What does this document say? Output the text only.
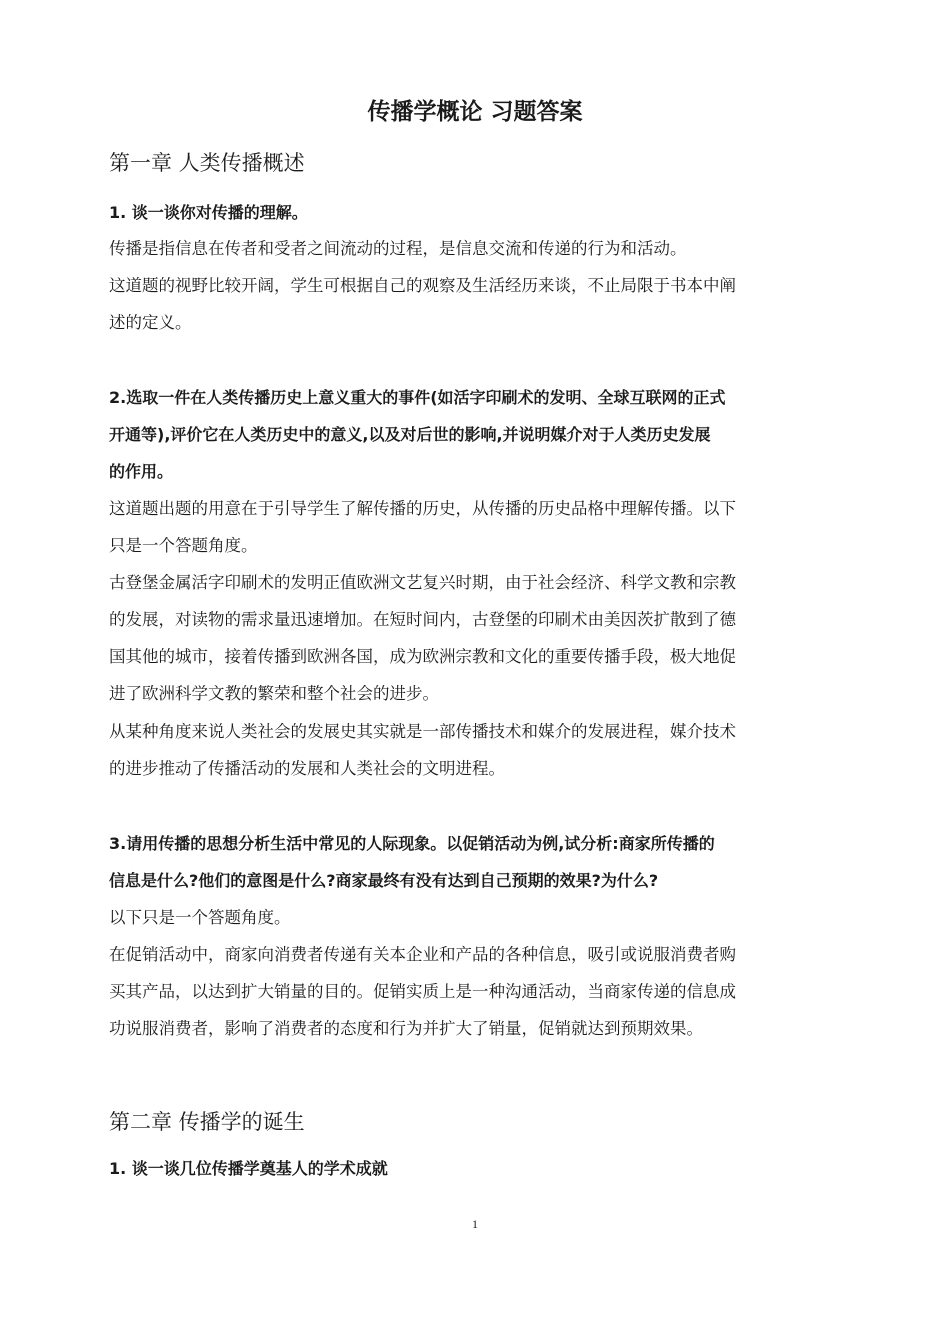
传播学概论 习题答案
第一章 人类传播概述
1. 谈一谈你对传播的理解。
传播是指信息在传者和受者之间流动的过程，是信息交流和传递的行为和活动。
这道题的视野比较开阔，学生可根据自己的观察及生活经历来谈，不止局限于书本中阐
述的定义。
2.选取一件在人类传播历史上意义重大的事件(如活字印刷术的发明、全球互联网的正式
开通等),评价它在人类历史中的意义,以及对后世的影响,并说明媒介对于人类历史发展
的作用。
这道题出题的用意在于引导学生了解传播的历史，从传播的历史品格中理解传播。以下
只是一个答题角度。
古登堡金属活字印刷术的发明正值欧洲文艺复兴时期，由于社会经济、科学文教和宗教
的发展，对读物的需求量迅速增加。在短时间内，古登堡的印刷术由美因茨扩散到了德
国其他的城市，接着传播到欧洲各国，成为欧洲宗教和文化的重要传播手段，极大地促
进了欧洲科学文教的繁荣和整个社会的进步。
从某种角度来说人类社会的发展史其实就是一部传播技术和媒介的发展进程，媒介技术
的进步推动了传播活动的发展和人类社会的文明进程。
3.请用传播的思想分析生活中常见的人际现象。以促销活动为例,试分析:商家所传播的
信息是什么?他们的意图是什么?商家最终有没有达到自己预期的效果?为什么?
以下只是一个答题角度。
在促销活动中，商家向消费者传递有关本企业和产品的各种信息，吸引或说服消费者购
买其产品，以达到扩大销量的目的。促销实质上是一种沟通活动，当商家传递的信息成
功说服消费者，影响了消费者的态度和行为并扩大了销量，促销就达到预期效果。
第二章 传播学的诞生
1. 谈一谈几位传播学奠基人的学术成就
1
